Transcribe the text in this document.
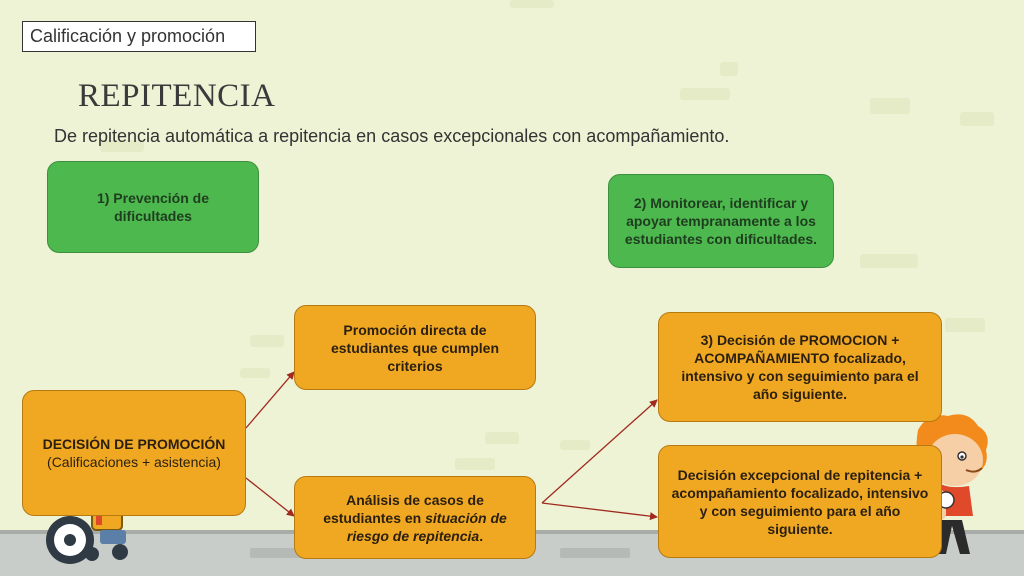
Calificación y promoción
REPITENCIA
De repitencia automática a repitencia en casos excepcionales con acompañamiento.
1) Prevención de dificultades
2) Monitorear, identificar y apoyar tempranamente a los estudiantes con dificultades.
DECISIÓN DE PROMOCIÓN
(Calificaciones + asistencia)
Promoción directa de estudiantes que cumplen criterios
Análisis de casos de estudiantes en situación de riesgo de repitencia.
3) Decisión de PROMOCION + ACOMPAÑAMIENTO focalizado, intensivo y con seguimiento para el año siguiente.
Decisión excepcional de repitencia + acompañamiento focalizado, intensivo y con seguimiento para el año siguiente.
